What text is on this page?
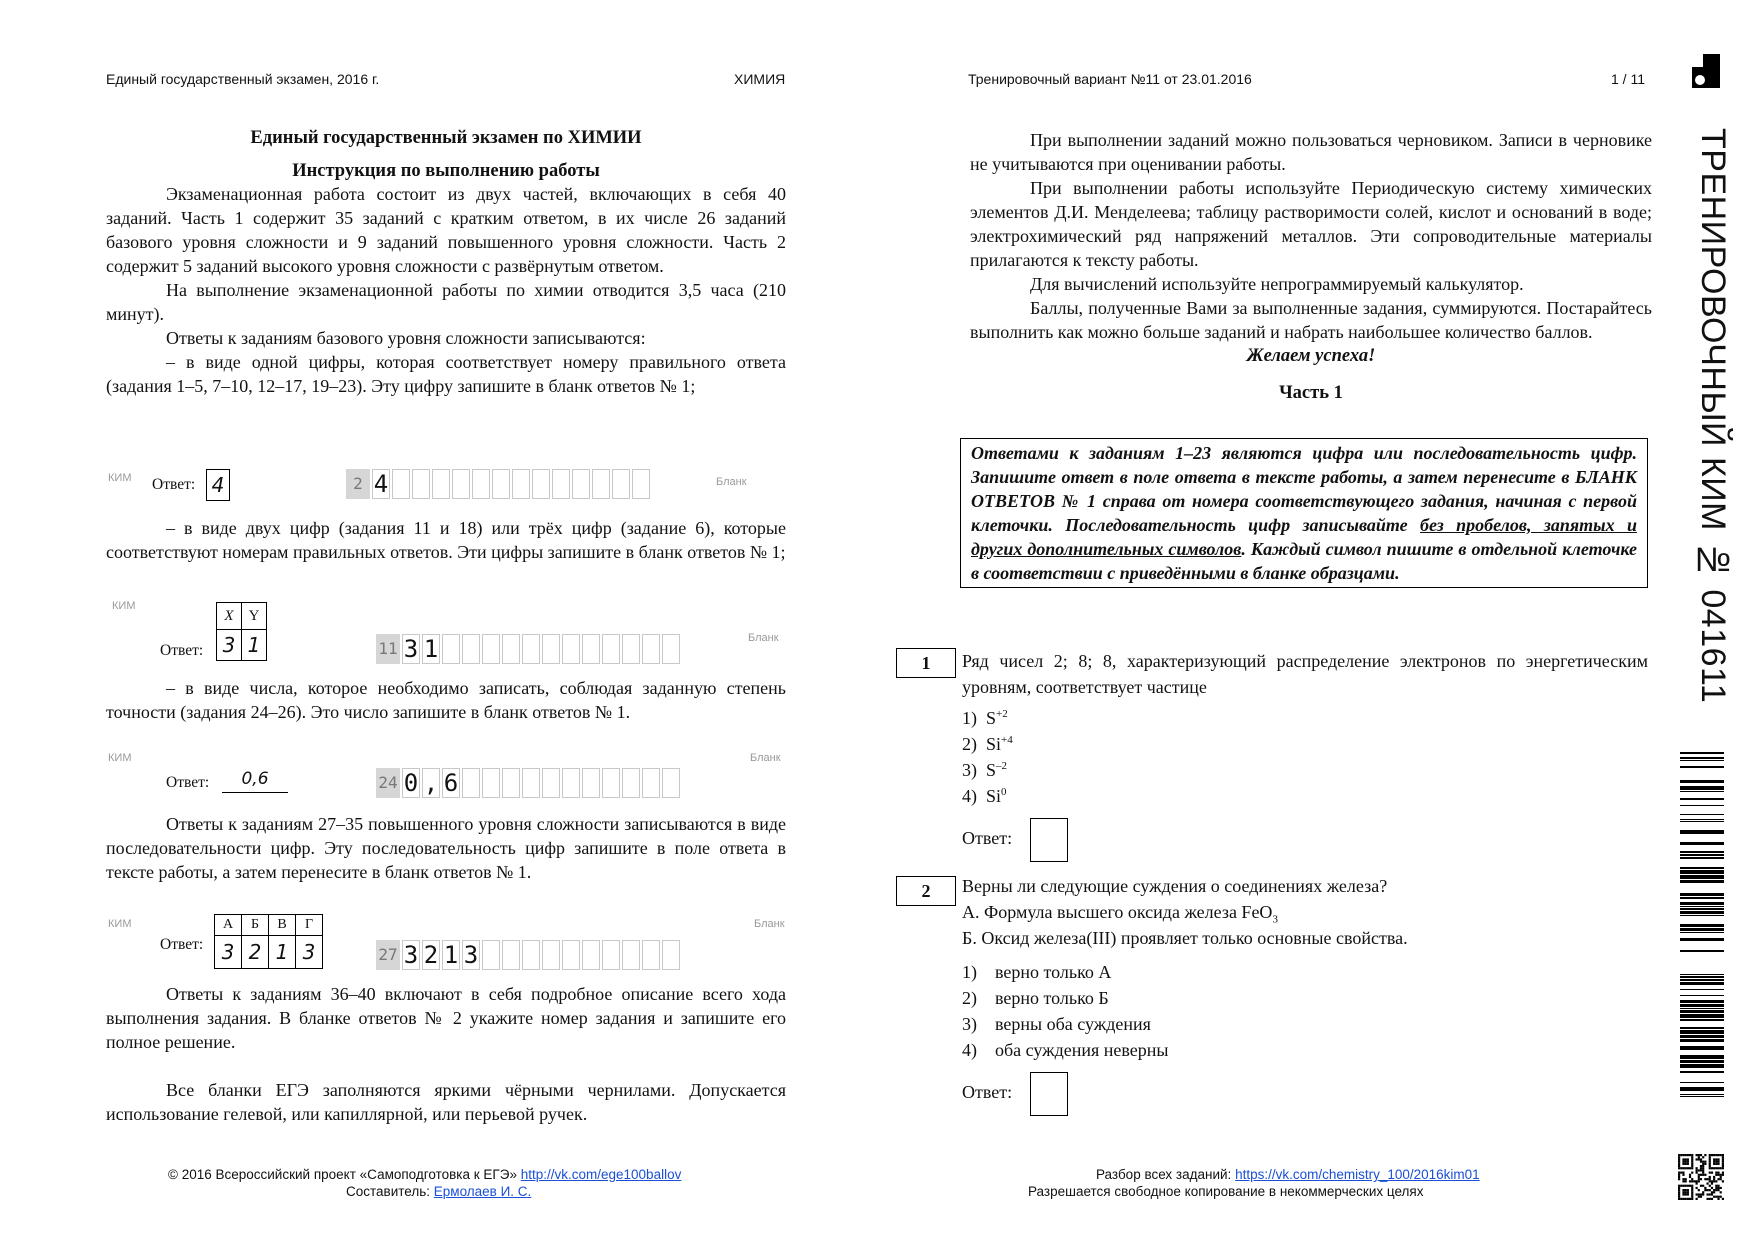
Единый государственный экзамен, 2016 г.	ХИМИЯ	Тренировочный вариант №11 от 23.01.2016	1 / 11
Единый государственный экзамен по ХИМИИ
Инструкция по выполнению работы

Экзаменационная работа состоит из двух частей, включающих в себя 40 заданий. Часть 1 содержит 35 заданий с кратким ответом, в их числе 26 заданий базового уровня сложности и 9 заданий повышенного уровня сложности. Часть 2 содержит 5 заданий высокого уровня сложности с развёрнутым ответом.

На выполнение экзаменационной работы по химии отводится 3,5 часа (210 минут).

Ответы к заданиям базового уровня сложности записываются:

– в виде одной цифры, которая соответствует номеру правильного ответа (задания 1–5, 7–10, 12–17, 19–23). Эту цифру запишите в бланк ответов № 1;

КИМ Ответ: 4	2 4	Бланк

– в виде двух цифр (задания 11 и 18) или трёх цифр (задание 6), которые соответствуют номерам правильных ответов. Эти цифры запишите в бланк ответов № 1;

КИМ
X	Y
3 1
Ответ:	11 3 1	Бланк

– в виде числа, которое необходимо записать, соблюдая заданную степень точности (задания 24–26). Это число запишите в бланк ответов № 1.

КИМ
Ответ:	0,6	24 0 , 6
Бланк

Ответы к заданиям 27–35 повышенного уровня сложности записываются в виде последовательности цифр. Эту последовательность цифр запишите в поле ответа в тексте работы, а затем перенесите в бланк ответов № 1.

КИМ
Ответ:
А	Б	В	Г
3 2 1 3	27 3 2 1 3
Бланк

Ответы к заданиям 36–40 включают в себя подробное описание всего хода выполнения задания. В бланке ответов № 2 укажите номер задания и запишите его полное решение.

Все бланки ЕГЭ заполняются яркими чёрными чернилами. Допускается использование гелевой, или капиллярной, или перьевой ручек.

При выполнении заданий можно пользоваться черновиком. Записи в черновике не учитываются при оценивании работы.

При выполнении работы используйте Периодическую систему химических элементов Д.И. Менделеева; таблицу растворимости солей, кислот и оснований в воде; электрохимический ряд напряжений металлов. Эти сопроводительные материалы прилагаются к тексту работы.

Для вычислений используйте непрограммируемый калькулятор.

Баллы, полученные Вами за выполненные задания, суммируются. Постарайтесь выполнить как можно больше заданий и набрать наибольшее количество баллов.

Желаем успеха!
Часть 1

Ответами к заданиям 1–23 являются цифра или последовательность цифр. Запишите ответ в поле ответа в тексте работы, а затем перенесите в БЛАНК ОТВЕТОВ № 1 справа от номера соответствующего задания, начиная с первой клеточки. Последовательность цифр записывайте без пробелов, запятых и других дополнительных символов. Каждый символ пишите в отдельной клеточке в соответствии с приведёнными в бланке образцами.

1	Ряд чисел 2; 8; 8, характеризующий распределение электронов по энергетическим уровням, соответствует частице

1) $S^{+2}$
2) $Si^{+4}$
3) $S^{-2}$
4) Si$^0$
Ответ:
2	Верны ли следующие суждения о соединениях железа?
А. Формула высшего оксида железа FeO$_3$
Б. Оксид железа(III) проявляет только основные свойства.
1) верно только А
2) верно только Б
3) верны оба суждения
4) оба суждения неверны
Ответ:
© 2016 Всероссийский проект «Самоподготовка к ЕГЭ» http://vk.com/ege100ballov
Составитель: Ермолаев И. С.
Разбор всех заданий: https://vk.com/chemistry_100/2016kim01
Разрешается свободное копирование в некоммерческих целях
ТРЕНИРОВОЧНЫЙ КИМ № 041611
